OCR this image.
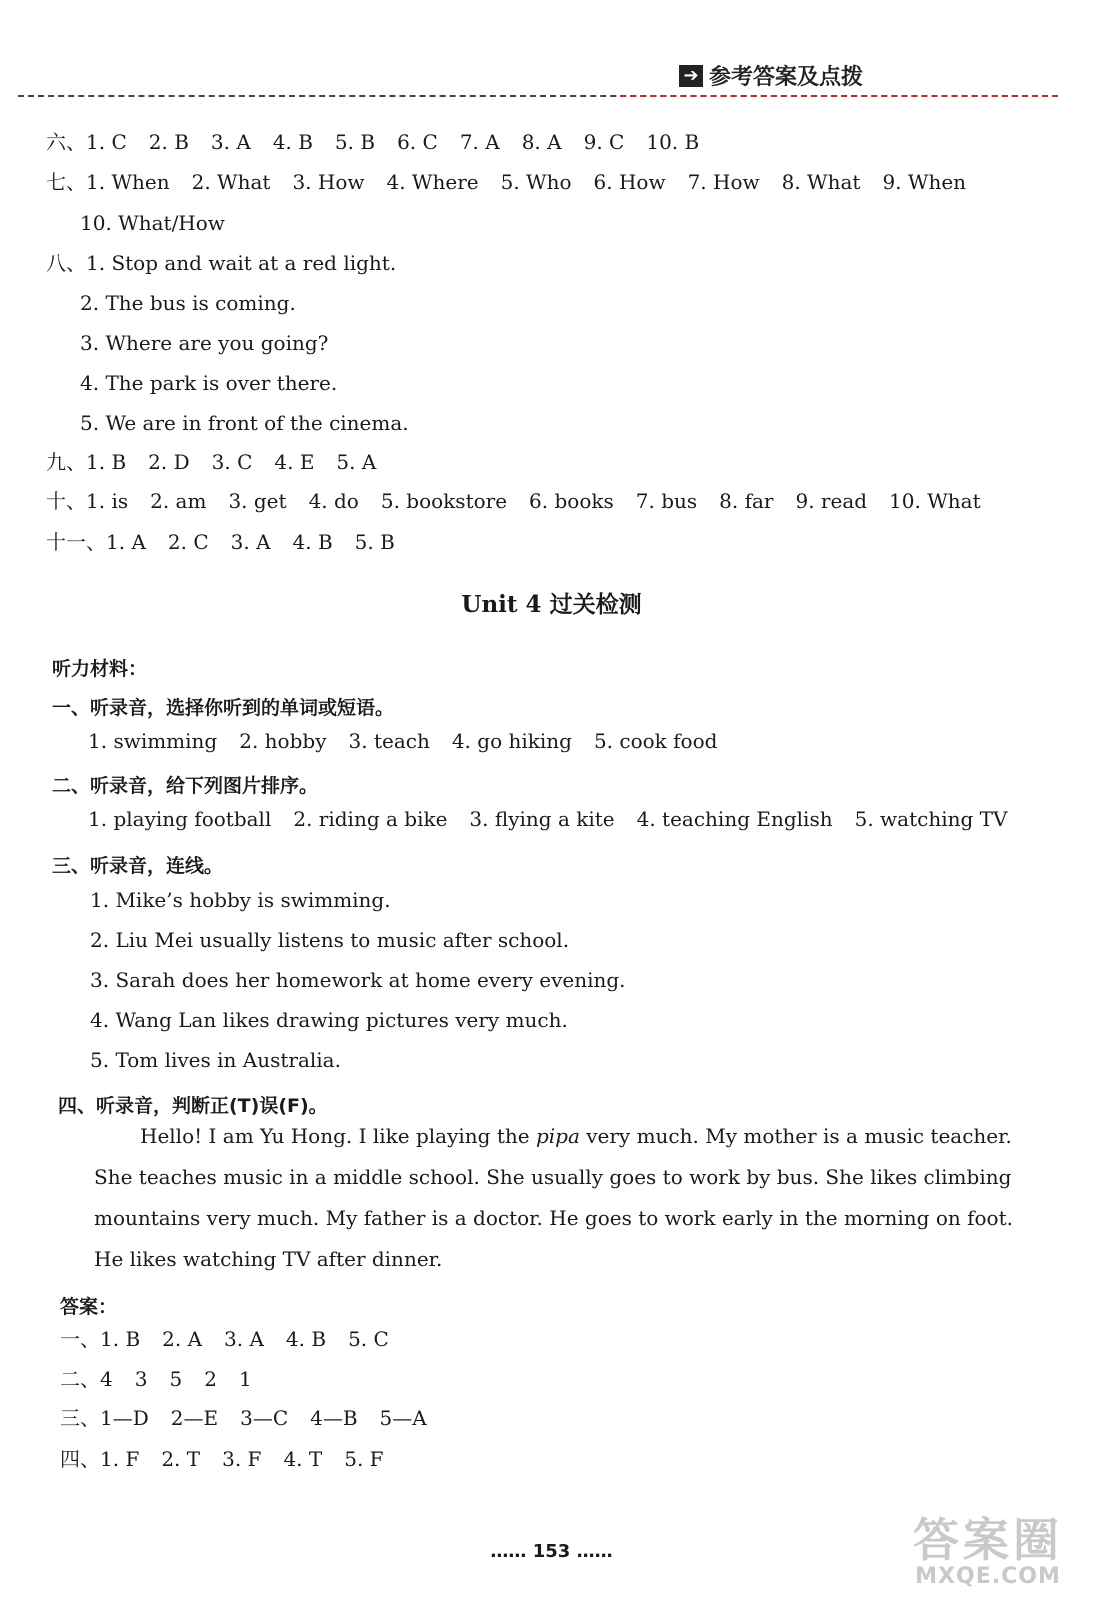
➔ 参考答案及点拨
六、1. C 2. B 3. A 4. B 5. B 6. C 7. A 8. A 9. C 10. B
七、1. When 2. What 3. How 4. Where 5. Who 6. How 7. How 8. What 9. When
10. What/How
八、1. Stop and wait at a red light.
2. The bus is coming.
3. Where are you going?
4. The park is over there.
5. We are in front of the cinema.
九、1. B 2. D 3. C 4. E 5. A
十、1. is 2. am 3. get 4. do 5. bookstore 6. books 7. bus 8. far 9. read 10. What
十一、1. A 2. C 3. A 4. B 5. B
Unit 4 过关检测
听力材料：
一、听录音，选择你听到的单词或短语。
1. swimming 2. hobby 3. teach 4. go hiking 5. cook food
二、听录音，给下列图片排序。
1. playing football 2. riding a bike 3. flying a kite 4. teaching English 5. watching TV
三、听录音，连线。
1. Mike’s hobby is swimming.
2. Liu Mei usually listens to music after school.
3. Sarah does her homework at home every evening.
4. Wang Lan likes drawing pictures very much.
5. Tom lives in Australia.
四、听录音，判断正(T)误(F)。
Hello! I am Yu Hong. I like playing the pipa very much. My mother is a music teacher. She teaches music in a middle school. She usually goes to work by bus. She likes climbing mountains very much. My father is a doctor. He goes to work early in the morning on foot. He likes watching TV after dinner.
答案：
一、1. B 2. A 3. A 4. B 5. C
二、4 3 5 2 1
三、1—D 2—E 3—C 4—B 5—A
四、1. F 2. T 3. F 4. T 5. F
…… 153 ……	答案圈
MXQE.COM
